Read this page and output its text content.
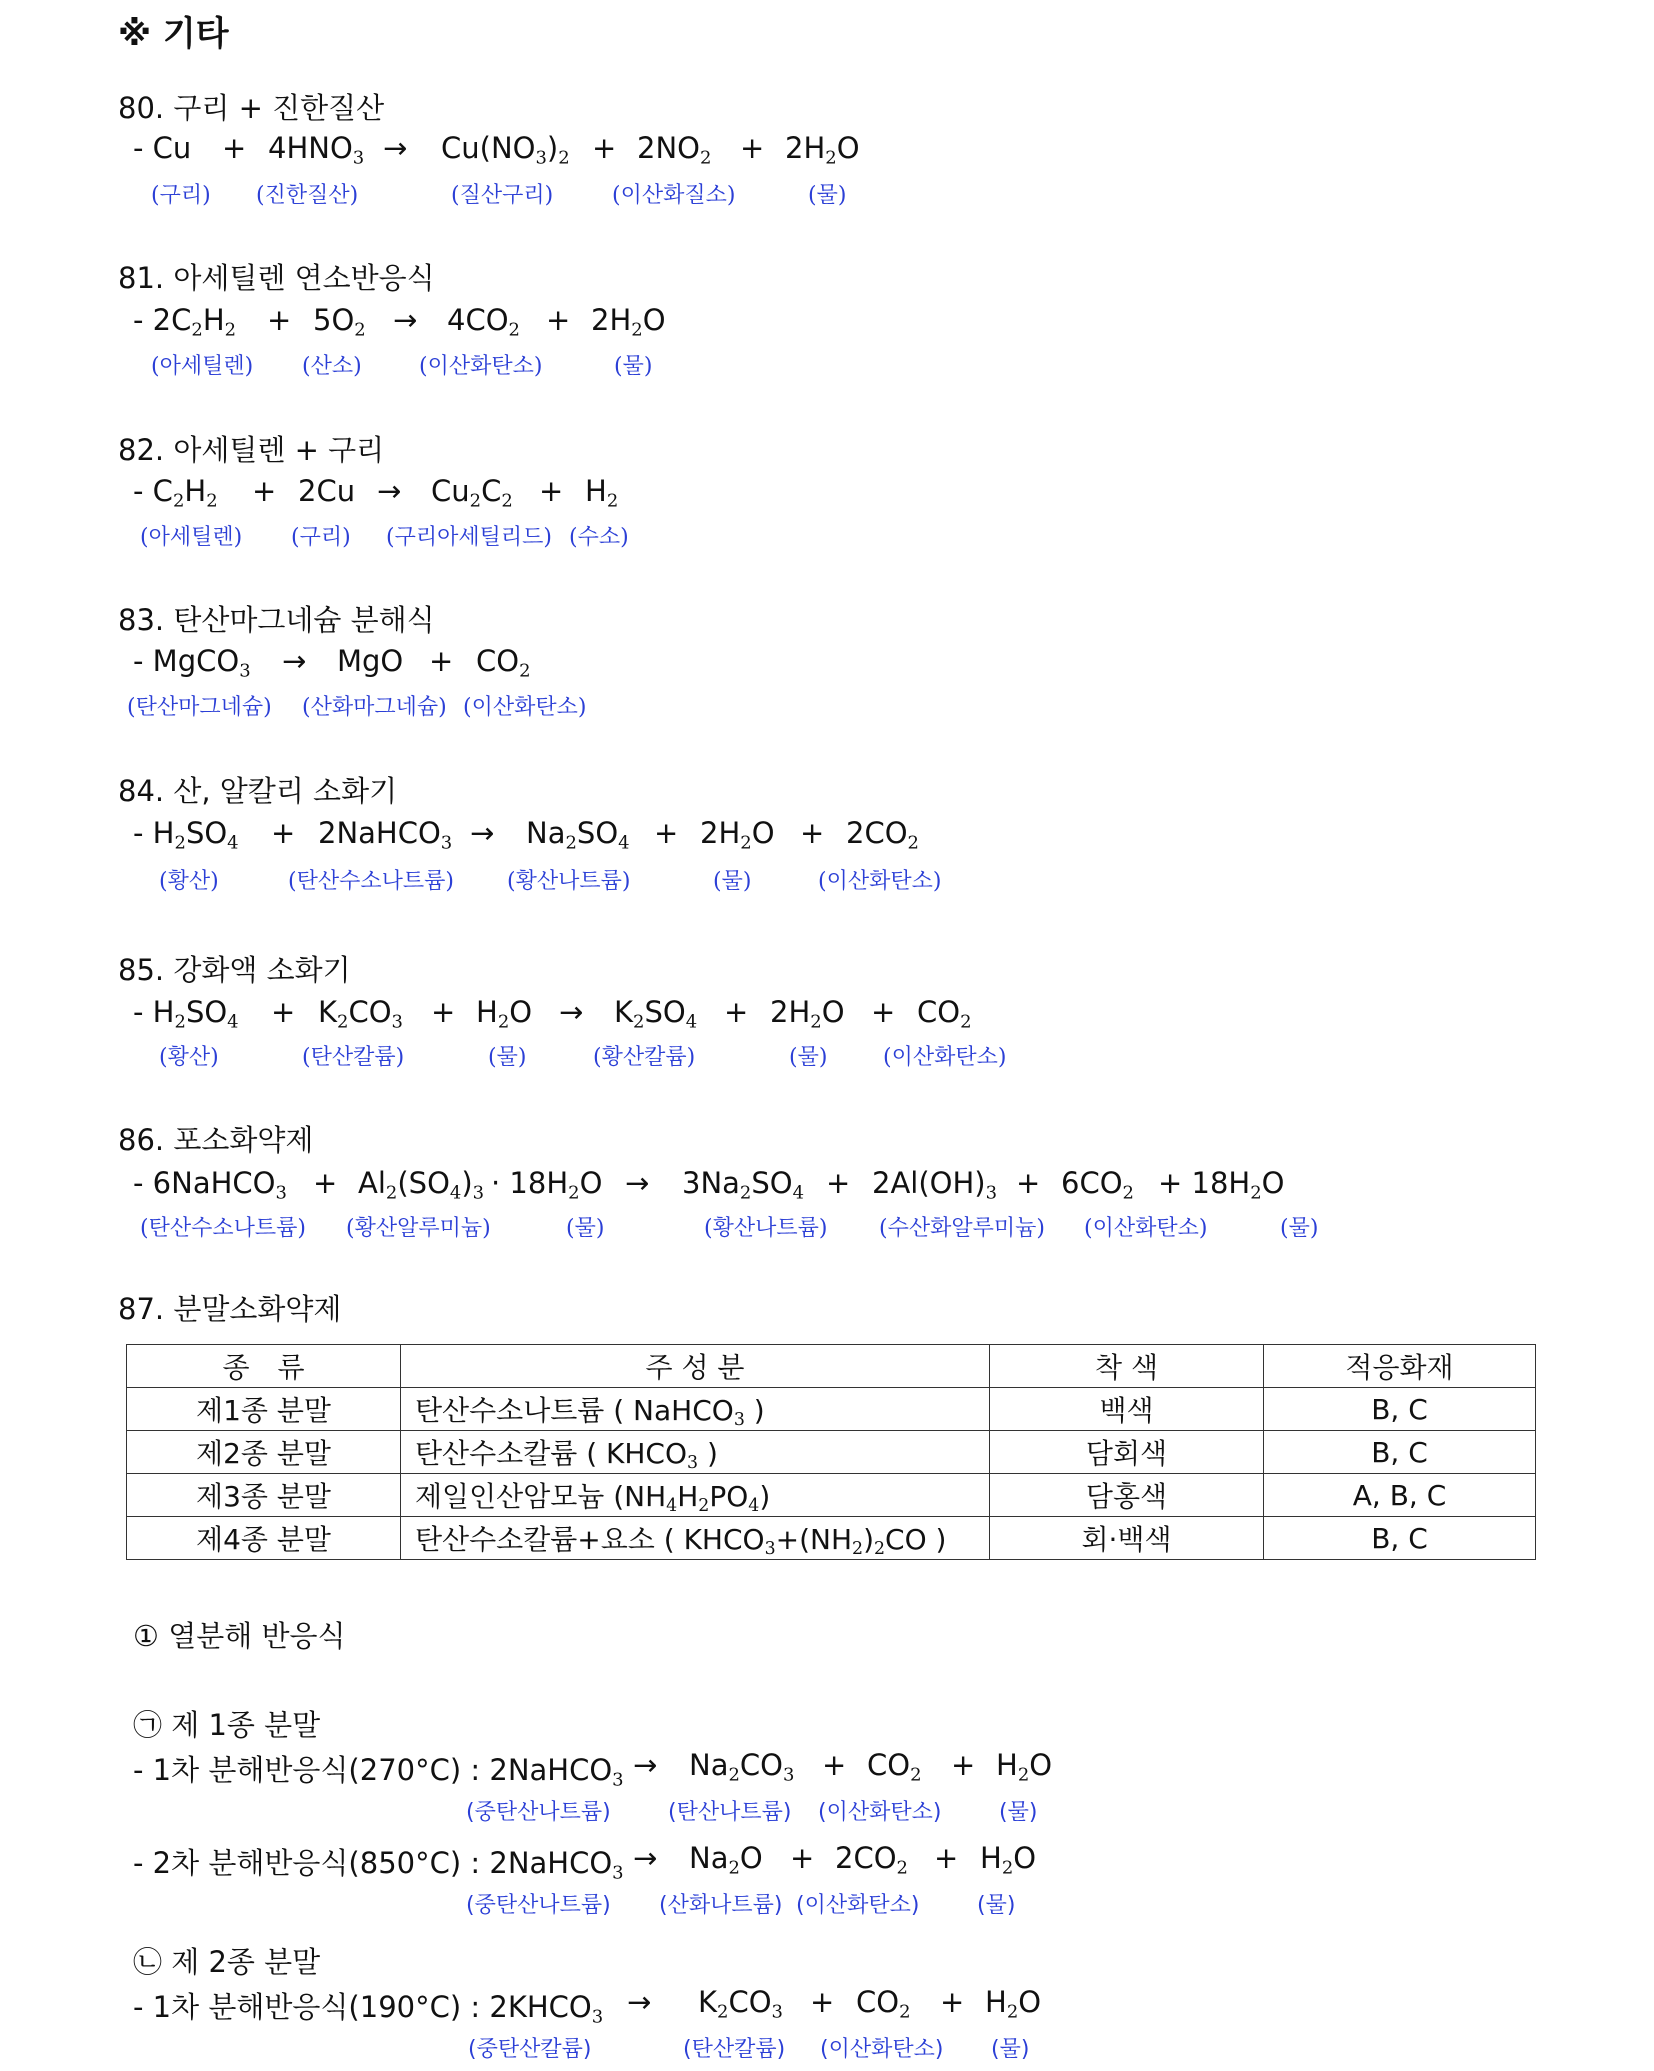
※ 기타
80. 구리 + 진한질산
- $Cu + 4HNO_3 \to Cu(NO_3)_2 + 2NO_2 + 2H_2O$
(구리) (진한질산)	(질산구리)	(이산화질소)	(물)
81. 아세틸렌 연소반응식
- $2C_2H_2 + 5O_2 \to 4CO_2 + 2H_2O$
(아세틸렌) (산소)	(이산화탄소)	(물)
82. 아세틸렌 + 구리
- $C_2H_2 + 2Cu \to Cu_2C_2 + H_2$
(아세틸렌) (구리) (구리아세틸리드) (수소)
83. 탄산마그네슘 분해식
- MgCO$_3$ → MgO + $CO_2$
(탄산마그네슘) (산화마그네슘) (이산화탄소)
84. 산, 알칼리 소화기
- $H_2SO_4$ + 2NaHCO$_3$ → $Na_2SO_4 + 2H_2O + 2CO_2$
(황산)	(탄산수소나트륨) (황산나트륨)	(물)	(이산화탄소)
85. 강화액 소화기
- $H_2SO_4 + K_2CO_3 + H_2O \to K_2SO_4 + 2H_2O + CO_2$
(황산)	(탄산칼륨)	(물)	(황산칼륨)	(물)	(이산화탄소)
86. 포소화약제
- 6NaHCO$_3$ + $Al_2(SO_4)_3 \cdot 18H_2O \to 3Na_2SO_4 + 2Al(OH)_3 + 6CO_2 + 18H_2O$
(탄산수소나트륨) (황산알루미늄)	(물)	(황산나트륨) (수산화알루미늄) (이산화탄소)	(물)
- 1차 분해반응식(270°C) : 2NaHCO$_3$ → $Na_2CO_3 + CO_2 + H_2O$
(중탄산나트륨)	(탄산나트륨) (이산화탄소)	(물)
- 2차 분해반응식(850°C) : 2NaHCO$_3$ → $Na_2O + 2CO_2 + H_2O$
(중탄산나트륨) (산화나트륨) (이산화탄소)	(물)
- 1차 분해반응식(190°C) : $2KHCO_3 \to K_2CO_3 + CO_2 + H_2O$
(중탄산칼륨)	(탄산칼륨) (이산화탄소) (물)
87. 분말소화약제
종　류	주 성 분	착 색	적응화재
제1종 분말	탄산수소나트륨 ( NaHCO$_3$ )	백색	B, C
제2종 분말	탄산수소칼륨 ( $KHCO_3$ )	담회색	B, C
제3종 분말	제일인산암모늄 $(NH_4H_2PO_4)$	담홍색	A, B, C
제4종 분말	탄산수소칼륨+요소 ( $KHCO_3+(NH_2)_2CO$ )	회·백색	B, C
① 열분해 반응식
㉠ 제 1종 분말
㉡ 제 2종 분말
